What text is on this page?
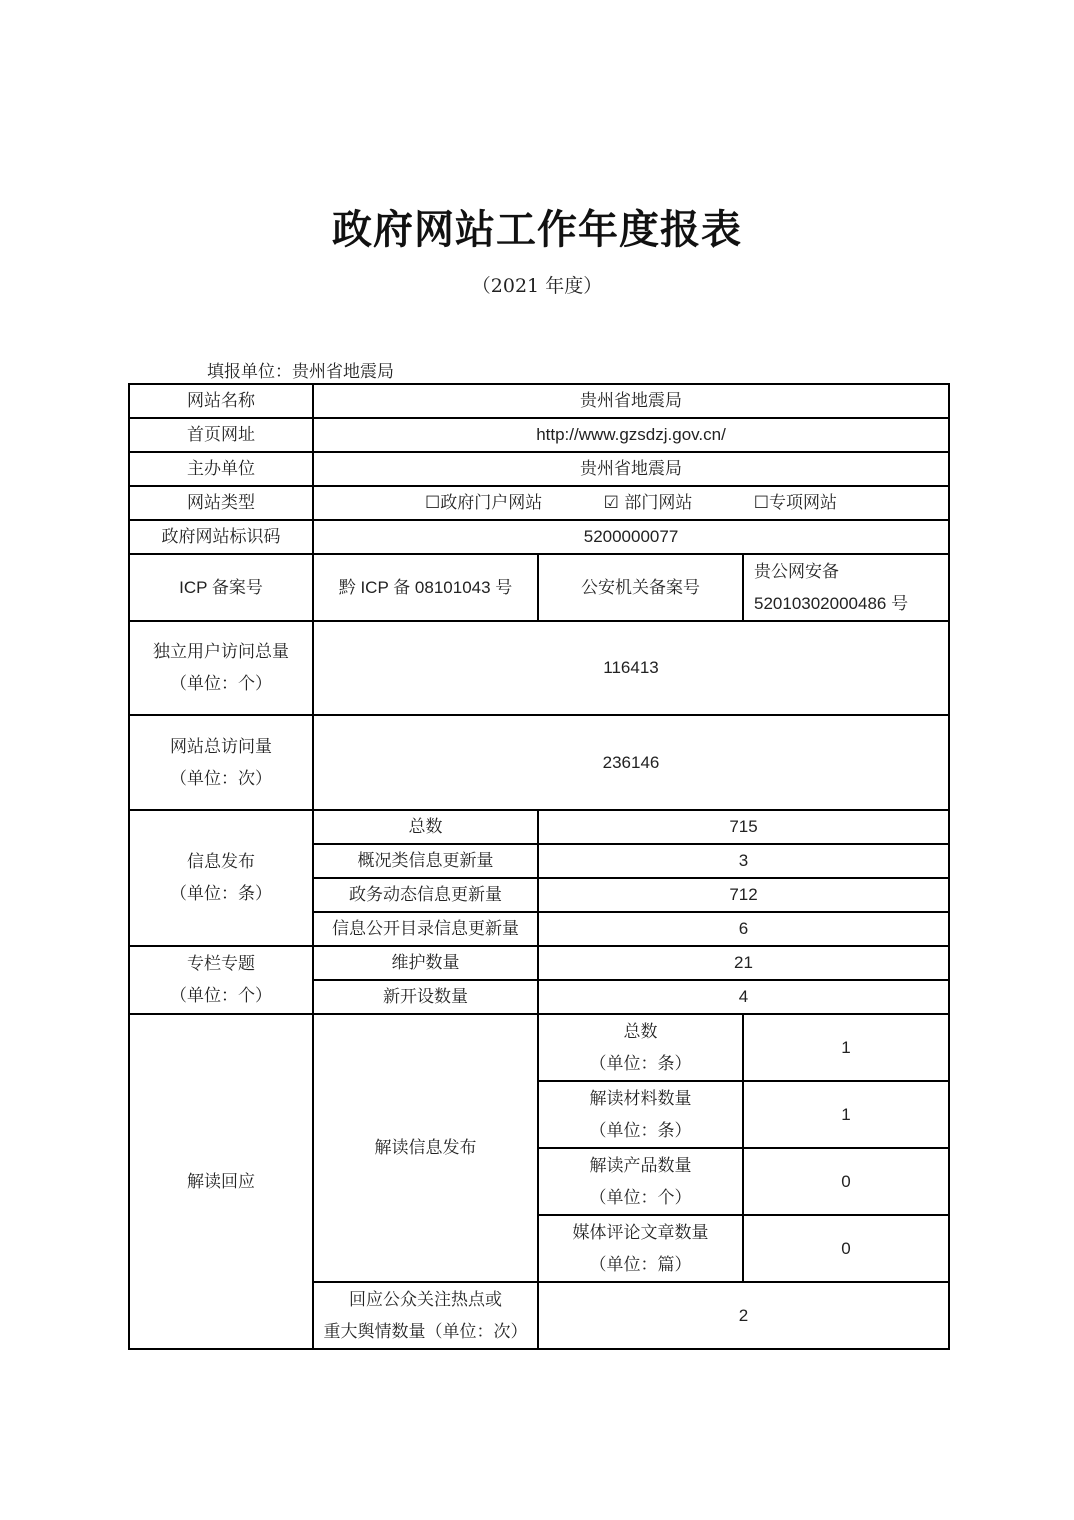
政府网站工作年度报表
（2021 年度）
填报单位：贵州省地震局
网站名称	贵州省地震局		
首页网址	http://www.gzsdzj.gov.cn/		
主办单位	贵州省地震局		
网站类型	☐政府门户网站 ☑ 部门网站 ☐专项网站		
政府网站标识码	5200000077		
ICP 备案号	黔 ICP 备 08101043 号	公安机关备案号	贵公网安备
52010302000486 号

独立用户访问总量
（单位：个）	116413		

网站总访问量
（单位：次）	236146		

信息发布
（单位：条）	总数	715	
	概况类信息更新量	3	
	政务动态信息更新量	712	
	信息公开目录信息更新量	6	

专栏专题
（单位：个）	维护数量	21	
	新开设数量	4	
解读回应	解读信息发布	总数
（单位：条）	1

		解读材料数量
（单位：条）	1

		解读产品数量
（单位：个）	0

		媒体评论文章数量
（单位：篇）	0

	回应公众关注热点或
重大舆情数量（单位：次）	2	
